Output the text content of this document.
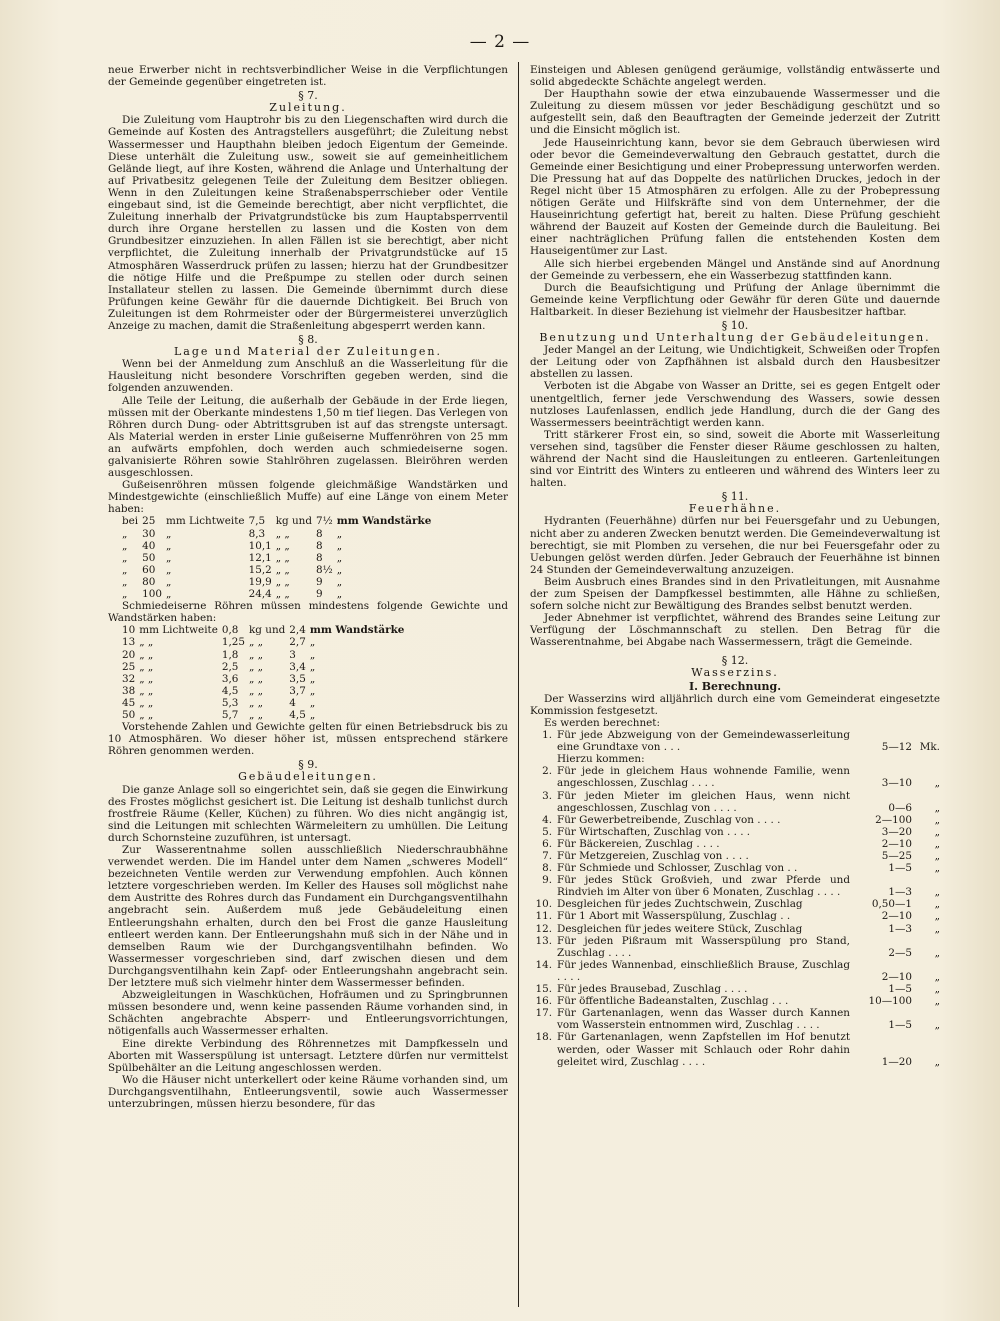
— 2 —

neue Erwerber nicht in rechtsverbindlicher Weise in die Verpflichtungen der Gemeinde gegenüber eingetreten ist.

§ 7.
Zuleitung.

Die Zuleitung vom Hauptrohr bis zu den Liegenschaften wird durch die Gemeinde auf Kosten des Antragstellers ausgeführt; die Zuleitung nebst Wassermesser und Haupthahn bleiben jedoch Eigentum der Gemeinde. Diese unterhält die Zuleitung usw., soweit sie auf gemeinheitlichem Gelände liegt, auf ihre Kosten, während die Anlage und Unterhaltung der auf Privatbesitz gelegenen Teile der Zuleitung dem Besitzer obliegen. Wenn in den Zuleitungen keine Straßenabsperrschieber oder Ventile eingebaut sind, ist die Gemeinde berechtigt, aber nicht verpflichtet, die Zuleitung innerhalb der Privatgrundstücke bis zum Hauptabsperrventil durch ihre Organe herstellen zu lassen und die Kosten von dem Grundbesitzer einzuziehen. In allen Fällen ist sie berechtigt, aber nicht verpflichtet, die Zuleitung innerhalb der Privatgrundstücke auf 15 Atmosphären Wasserdruck prüfen zu lassen; hierzu hat der Grundbesitzer die nötige Hilfe und die Preßpumpe zu stellen oder durch seinen Installateur stellen zu lassen. Die Gemeinde übernimmt durch diese Prüfungen keine Gewähr für die dauernde Dichtigkeit. Bei Bruch von Zuleitungen ist dem Rohrmeister oder der Bürgermeisterei unverzüglich Anzeige zu machen, damit die Straßenleitung abgesperrt werden kann.

§ 8.
Lage und Material der Zuleitungen.

Wenn bei der Anmeldung zum Anschluß an die Wasserleitung für die Hausleitung nicht besondere Vorschriften gegeben werden, sind die folgenden anzuwenden.

Alle Teile der Leitung, die außerhalb der Gebäude in der Erde liegen, müssen mit der Oberkante mindestens 1,50 m tief liegen. Das Verlegen von Röhren durch Dung- oder Abtrittsgruben ist auf das strengste untersagt. Als Material werden in erster Linie gußeiserne Muffenröhren von 25 mm an aufwärts empfohlen, doch werden auch schmiedeiserne sogen. galvanisierte Röhren sowie Stahlröhren zugelassen. Bleiröhren werden ausgeschlossen.

Gußeisenröhren müssen folgende gleichmäßige Wandstärken und Mindestgewichte (einschließlich Muffe) auf eine Länge von einem Meter haben:

bei	25	mm Lichtweite	7,5	kg und	7½	mm Wandstärke
„	30	„	8,3	„ „	8	„
„	40	„	10,1	„ „	8	„
„	50	„	12,1	„ „	8	„
„	60	„	15,2	„ „	8½	„
„	80	„	19,9	„ „	9	„
„	100	„	24,4	„ „	9	„

Schmiedeiserne Röhren müssen mindestens folgende Gewichte und Wandstärken haben:

10	mm Lichtweite	0,8	kg und	2,4	mm Wandstärke
13	„ „	1,25	„ „	2,7	„
20	„ „	1,8	„ „	3	„
25	„ „	2,5	„ „	3,4	„
32	„ „	3,6	„ „	3,5	„
38	„ „	4,5	„ „	3,7	„
45	„ „	5,3	„ „	4	„
50	„ „	5,7	„ „	4,5	„

Vorstehende Zahlen und Gewichte gelten für einen Betriebsdruck bis zu 10 Atmosphären. Wo dieser höher ist, müssen entsprechend stärkere Röhren genommen werden.

§ 9.
Gebäudeleitungen.

Die ganze Anlage soll so eingerichtet sein, daß sie gegen die Einwirkung des Frostes möglichst gesichert ist. Die Leitung ist deshalb tunlichst durch frostfreie Räume (Keller, Küchen) zu führen. Wo dies nicht angängig ist, sind die Leitungen mit schlechten Wärmeleitern zu umhüllen. Die Leitung durch Schornsteine zuzuführen, ist untersagt.

Zur Wasserentnahme sollen ausschließlich Niederschraubhähne verwendet werden. Die im Handel unter dem Namen „schweres Modell“ bezeichneten Ventile werden zur Verwendung empfohlen. Auch können letztere vorgeschrieben werden. Im Keller des Hauses soll möglichst nahe dem Austritte des Rohres durch das Fundament ein Durchgangsventilhahn angebracht sein. Außerdem muß jede Gebäudeleitung einen Entleerungshahn erhalten, durch den bei Frost die ganze Hausleitung entleert werden kann. Der Entleerungshahn muß sich in der Nähe und in demselben Raum wie der Durchgangsventilhahn befinden. Wo Wassermesser vorgeschrieben sind, darf zwischen diesen und dem Durchgangsventilhahn kein Zapf- oder Entleerungshahn angebracht sein. Der letztere muß sich vielmehr hinter dem Wassermesser befinden.

Abzweigleitungen in Waschküchen, Hofräumen und zu Springbrunnen müssen besondere und, wenn keine passenden Räume vorhanden sind, in Schächten angebrachte Absperr- und Entleerungsvorrichtungen, nötigenfalls auch Wassermesser erhalten.

Eine direkte Verbindung des Röhrennetzes mit Dampfkesseln und Aborten mit Wasserspülung ist untersagt. Letztere dürfen nur vermittelst Spülbehälter an die Leitung angeschlossen werden.

Wo die Häuser nicht unterkellert oder keine Räume vorhanden sind, um Durchgangsventilhahn, Entleerungsventil, sowie auch Wassermesser unterzubringen, müssen hierzu besondere, für das

Einsteigen und Ablesen genügend geräumige, vollständig entwässerte und solid abgedeckte Schächte angelegt werden.

Der Haupthahn sowie der etwa einzubauende Wassermesser und die Zuleitung zu diesem müssen vor jeder Beschädigung geschützt und so aufgestellt sein, daß den Beauftragten der Gemeinde jederzeit der Zutritt und die Einsicht möglich ist.

Jede Hauseinrichtung kann, bevor sie dem Gebrauch überwiesen wird oder bevor die Gemeindeverwaltung den Gebrauch gestattet, durch die Gemeinde einer Besichtigung und einer Probepressung unterworfen werden. Die Pressung hat auf das Doppelte des natürlichen Druckes, jedoch in der Regel nicht über 15 Atmosphären zu erfolgen. Alle zu der Probepressung nötigen Geräte und Hilfskräfte sind von dem Unternehmer, der die Hauseinrichtung gefertigt hat, bereit zu halten. Diese Prüfung geschieht während der Bauzeit auf Kosten der Gemeinde durch die Bauleitung. Bei einer nachträglichen Prüfung fallen die entstehenden Kosten dem Hauseigentümer zur Last.

Alle sich hierbei ergebenden Mängel und Anstände sind auf Anordnung der Gemeinde zu verbessern, ehe ein Wasserbezug stattfinden kann.

Durch die Beaufsichtigung und Prüfung der Anlage übernimmt die Gemeinde keine Verpflichtung oder Gewähr für deren Güte und dauernde Haltbarkeit. In dieser Beziehung ist vielmehr der Hausbesitzer haftbar.

§ 10.
Benutzung und Unterhaltung der Gebäudeleitungen.

Jeder Mangel an der Leitung, wie Undichtigkeit, Schweißen oder Tropfen der Leitung oder von Zapfhähnen ist alsbald durch den Hausbesitzer abstellen zu lassen.

Verboten ist die Abgabe von Wasser an Dritte, sei es gegen Entgelt oder unentgeltlich, ferner jede Verschwendung des Wassers, sowie dessen nutzloses Laufenlassen, endlich jede Handlung, durch die der Gang des Wassermessers beeinträchtigt werden kann.

Tritt stärkerer Frost ein, so sind, soweit die Aborte mit Wasserleitung versehen sind, tagsüber die Fenster dieser Räume geschlossen zu halten, während der Nacht sind die Hausleitungen zu entleeren. Gartenleitungen sind vor Eintritt des Winters zu entleeren und während des Winters leer zu halten.

§ 11.
Feuerhähne.

Hydranten (Feuerhähne) dürfen nur bei Feuersgefahr und zu Uebungen, nicht aber zu anderen Zwecken benutzt werden. Die Gemeindeverwaltung ist berechtigt, sie mit Plomben zu versehen, die nur bei Feuersgefahr oder zu Uebungen gelöst werden dürfen. Jeder Gebrauch der Feuerhähne ist binnen 24 Stunden der Gemeindeverwaltung anzuzeigen.

Beim Ausbruch eines Brandes sind in den Privatleitungen, mit Ausnahme der zum Speisen der Dampfkessel bestimmten, alle Hähne zu schließen, sofern solche nicht zur Bewältigung des Brandes selbst benutzt werden.

Jeder Abnehmer ist verpflichtet, während des Brandes seine Leitung zur Verfügung der Löschmannschaft zu stellen. Den Betrag für die Wasserentnahme, bei Abgabe nach Wassermessern, trägt die Gemeinde.

§ 12.
Wasserzins.
I. Berechnung.

Der Wasserzins wird alljährlich durch eine vom Gemeinderat eingesetzte Kommission festgesetzt.

Es werden berechnet:

1.	Für jede Abzweigung von der Gemeindewasserleitung eine Grundtaxe von . . .	5—12	Mk.
	Hierzu kommen:		
2.	Für jede in gleichem Haus wohnende Familie, wenn angeschlossen, Zuschlag . . . .	3—10	„
3.	Für jeden Mieter im gleichen Haus, wenn nicht angeschlossen, Zuschlag von . . . .	0—6	„
4.	Für Gewerbetreibende, Zuschlag von . . . .	2—100	„
5.	Für Wirtschaften, Zuschlag von . . . .	3—20	„
6.	Für Bäckereien, Zuschlag . . . .	2—10	„
7.	Für Metzgereien, Zuschlag von . . . .	5—25	„
8.	Für Schmiede und Schlosser, Zuschlag von . .	1—5	„
9.	Für jedes Stück Großvieh, und zwar Pferde und Rindvieh im Alter von über 6 Monaten, Zuschlag . . . .	1—3	„
10.	Desgleichen für jedes Zuchtschwein, Zuschlag	0,50—1	„
11.	Für 1 Abort mit Wasserspülung, Zuschlag . .	2—10	„
12.	Desgleichen für jedes weitere Stück, Zuschlag	1—3	„
13.	Für jeden Pißraum mit Wasserspülung pro Stand, Zuschlag . . . .	2—5	„
14.	Für jedes Wannenbad, einschließlich Brause, Zuschlag . . . .	2—10	„
15.	Für jedes Brausebad, Zuschlag . . . .	1—5	„
16.	Für öffentliche Badeanstalten, Zuschlag . . .	10—100	„
17.	Für Gartenanlagen, wenn das Wasser durch Kannen vom Wasserstein entnommen wird, Zuschlag . . . .	1—5	„
18.	Für Gartenanlagen, wenn Zapfstellen im Hof benutzt werden, oder Wasser mit Schlauch oder Rohr dahin geleitet wird, Zuschlag . . . .	1—20	„
